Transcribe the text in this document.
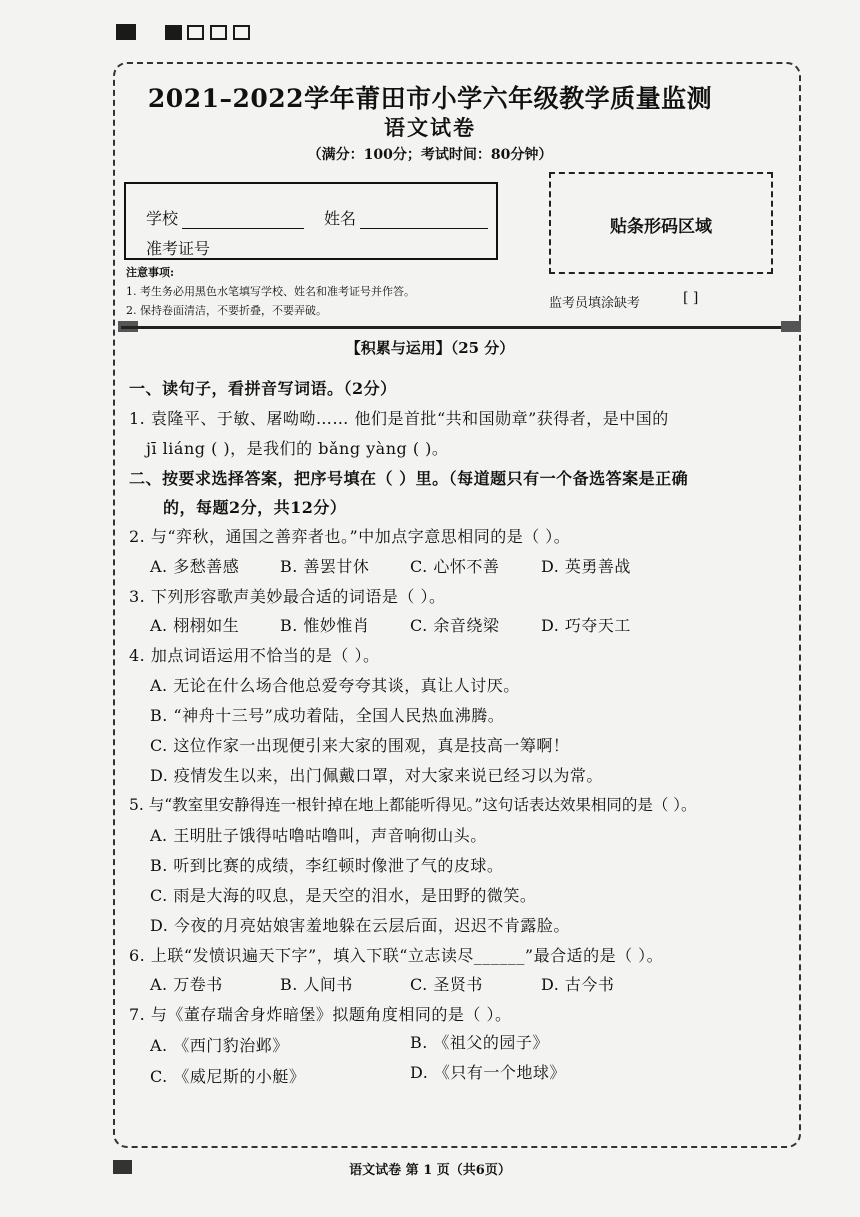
2021–2022学年莆田市小学六年级教学质量监测
语文试卷
（满分：100分；考试时间：80分钟）
学校	姓名
准考证号
贴条形码区域
注意事项:
1. 考生务必用黑色水笔填写学校、姓名和准考证号并作答。
2. 保持卷面清洁，不要折叠，不要弄破。	监考员填涂缺考	[ ]
【积累与运用】（25 分）
一、读句子，看拼音写词语。（2分）
1. 袁隆平、于敏、屠呦呦…… 他们是首批“共和国勋章”获得者，是中国的
jī liáng ( )，是我们的 bǎng yàng ( )。
二、按要求选择答案，把序号填在（ ）里。（每道题只有一个备选答案是正确
的，每题2分，共12分）
2. 与“弈秋，通国之善弈者也。”中加点字意思相同的是（ ）。
A. 多愁善感	B. 善罢甘休	C. 心怀不善	D. 英勇善战
3. 下列形容歌声美妙最合适的词语是（ ）。
A. 栩栩如生	B. 惟妙惟肖	C. 余音绕梁	D. 巧夺天工
4. 加点词语运用不恰当的是（ ）。
A. 无论在什么场合他总爱夸夸其谈，真让人讨厌。
B. “神舟十三号”成功着陆，全国人民热血沸腾。
C. 这位作家一出现便引来大家的围观，真是技高一筹啊！
D. 疫情发生以来，出门佩戴口罩，对大家来说已经习以为常。
5. 与“教室里安静得连一根针掉在地上都能听得见。”这句话表达效果相同的是（ ）。
A. 王明肚子饿得咕噜咕噜叫，声音响彻山头。
B. 听到比赛的成绩，李红顿时像泄了气的皮球。
C. 雨是大海的叹息，是天空的泪水，是田野的微笑。
D. 今夜的月亮姑娘害羞地躲在云层后面，迟迟不肯露脸。
6. 上联“发愤识遍天下字”，填入下联“立志读尽______”最合适的是（ ）。
A. 万卷书	B. 人间书	C. 圣贤书	D. 古今书
7. 与《董存瑞舍身炸暗堡》拟题角度相同的是（ ）。
A. 《西门豹治邺》	B. 《祖父的园子》
C. 《威尼斯的小艇》	D. 《只有一个地球》
语文试卷 第 1 页（共6页）
